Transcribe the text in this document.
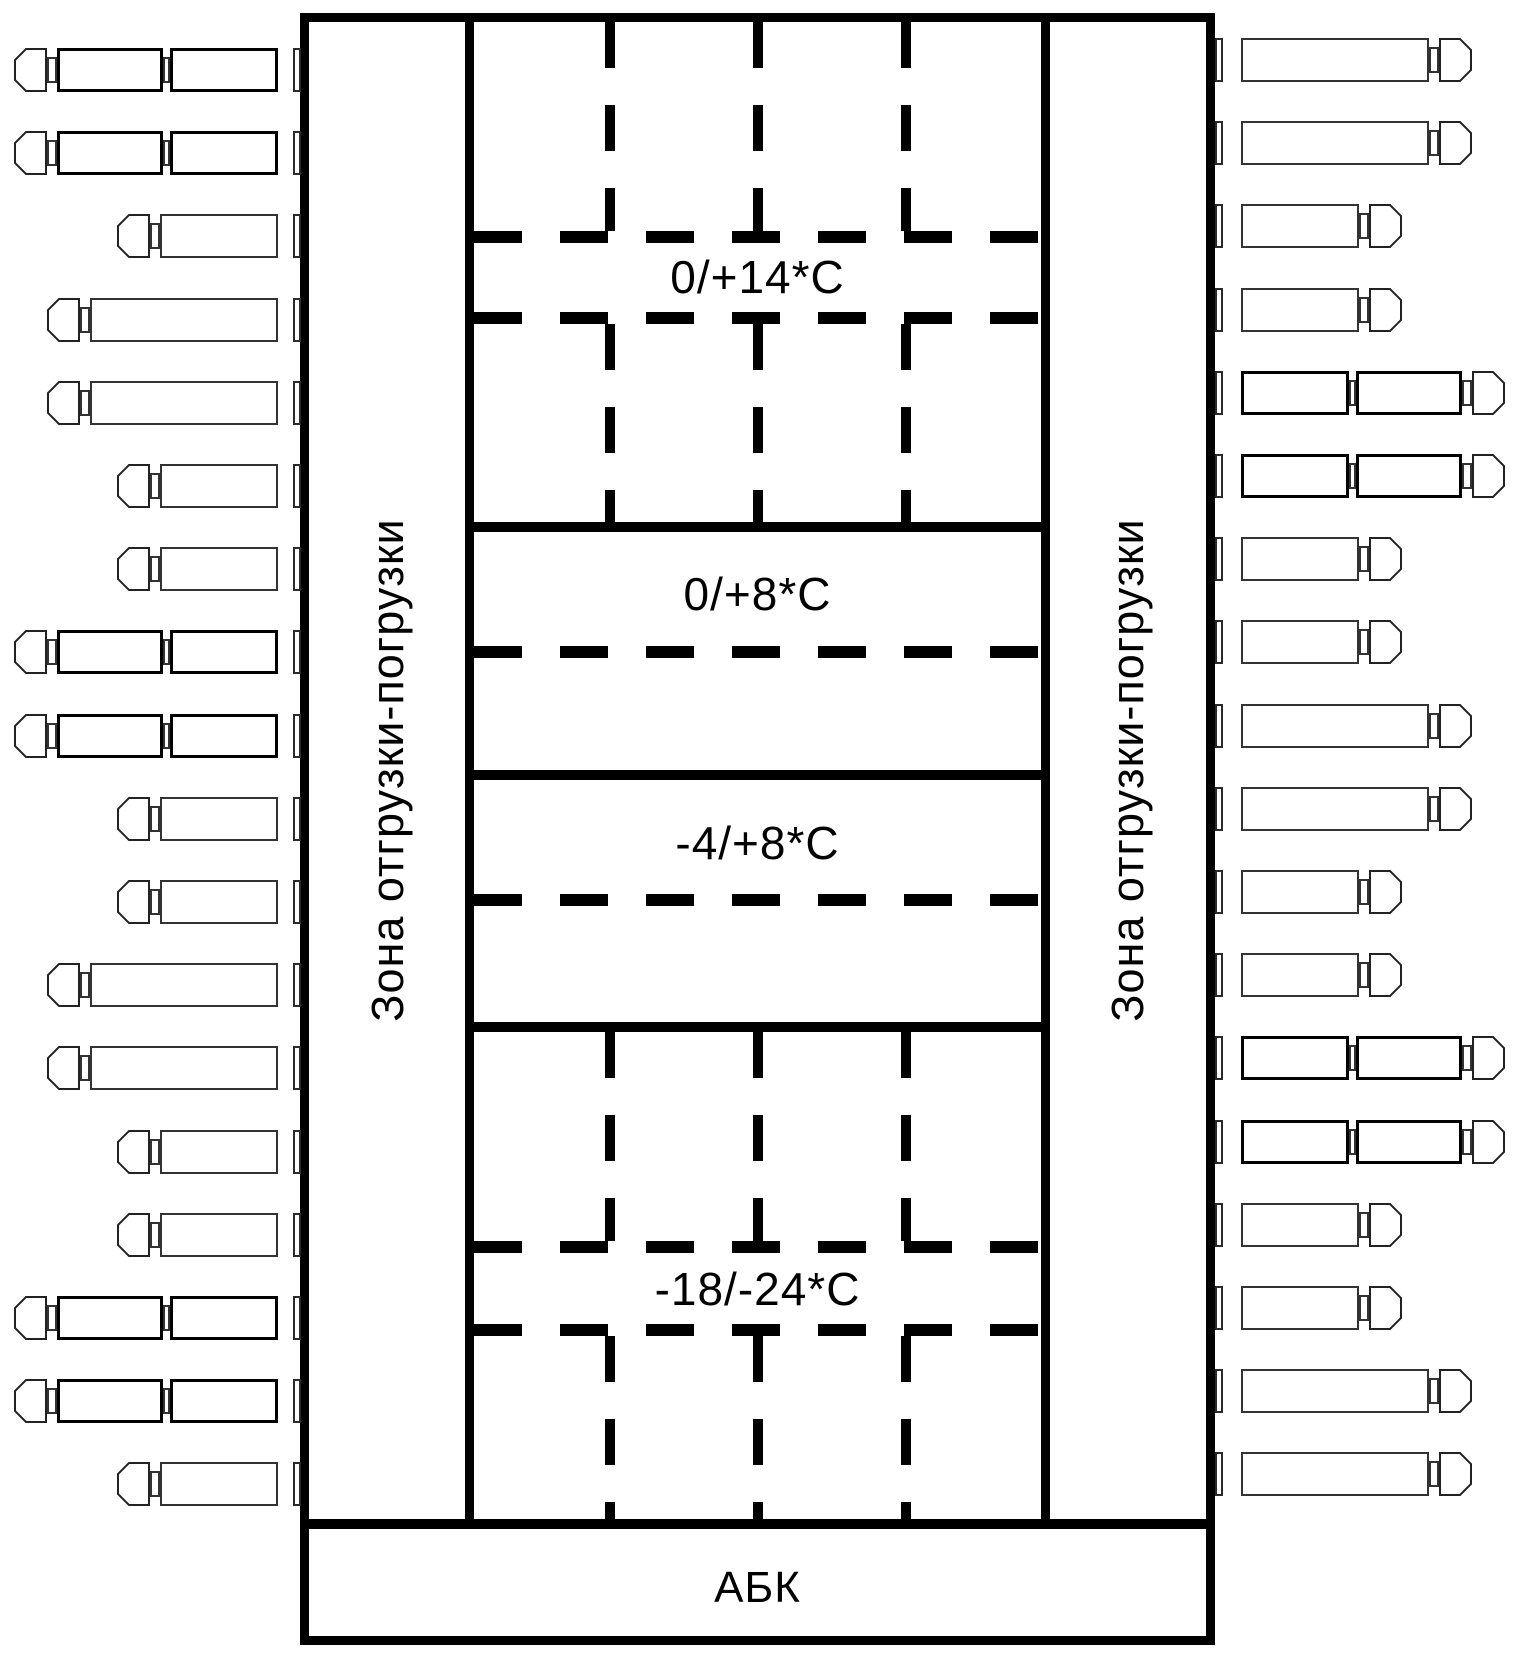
АБК
0/+14*C
0/+8*C
-4/+8*C
-18/-24*C
Зона отгрузки-погрузки	Зона отгрузки-погрузки
